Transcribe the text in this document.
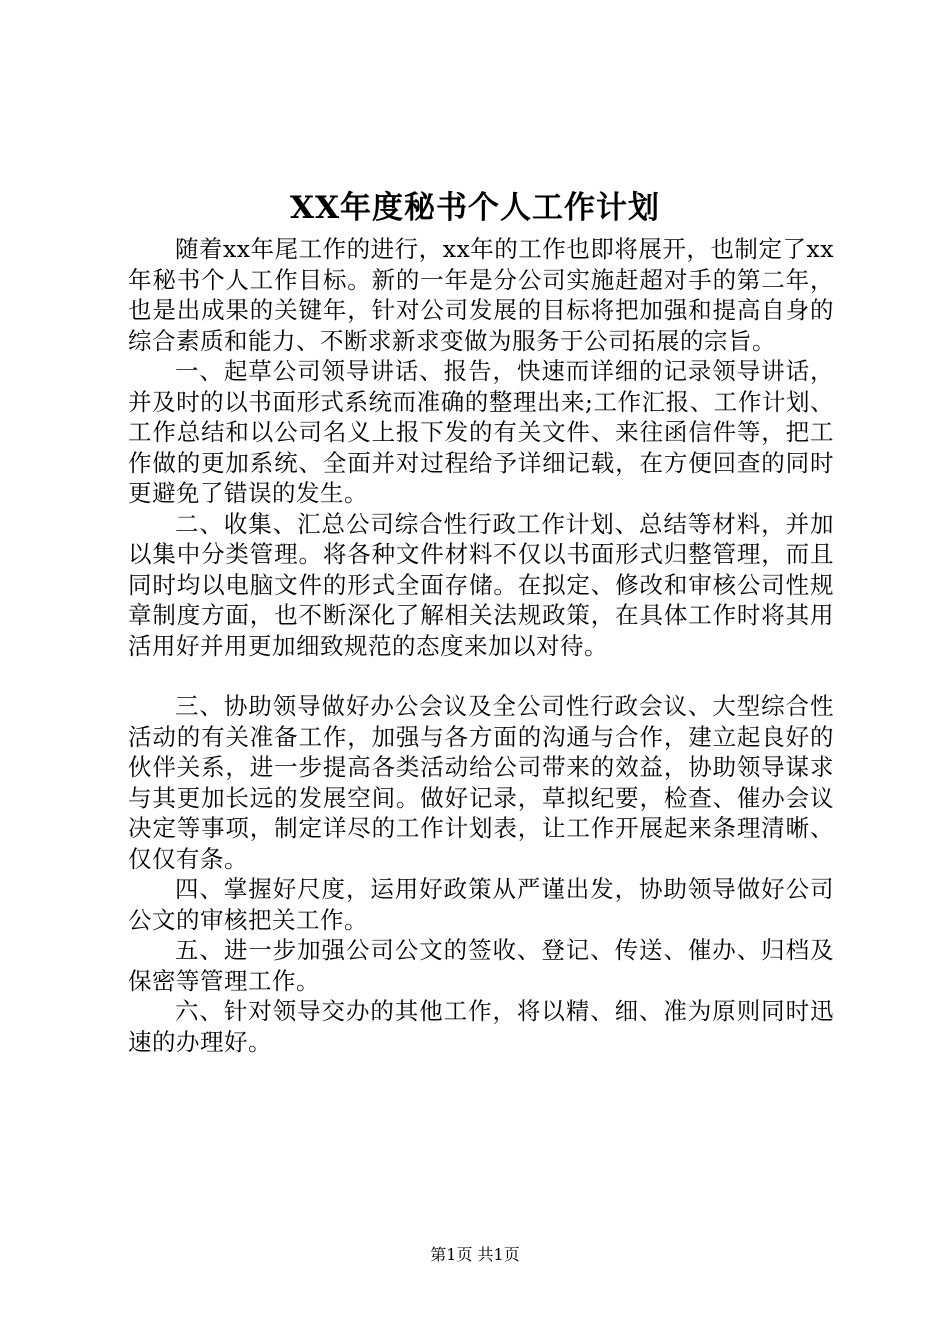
XX年度秘书个人工作计划

随着xx年尾工作的进行，xx年的工作也即将展开，也制定了xx年秘书个人工作目标。新的一年是分公司实施赶超对手的第二年，也是出成果的关键年，针对公司发展的目标将把加强和提高自身的综合素质和能力、不断求新求变做为服务于公司拓展的宗旨。

一、起草公司领导讲话、报告，快速而详细的记录领导讲话，并及时的以书面形式系统而准确的整理出来;工作汇报、工作计划、工作总结和以公司名义上报下发的有关文件、来往函信件等，把工作做的更加系统、全面并对过程给予详细记载，在方便回查的同时更避免了错误的发生。

二、收集、汇总公司综合性行政工作计划、总结等材料，并加以集中分类管理。将各种文件材料不仅以书面形式归整管理，而且同时均以电脑文件的形式全面存储。在拟定、修改和审核公司性规章制度方面，也不断深化了解相关法规政策，在具体工作时将其用活用好并用更加细致规范的态度来加以对待。

三、协助领导做好办公会议及全公司性行政会议、大型综合性活动的有关准备工作，加强与各方面的沟通与合作，建立起良好的伙伴关系，进一步提高各类活动给公司带来的效益，协助领导谋求与其更加长远的发展空间。做好记录，草拟纪要，检查、催办会议决定等事项，制定详尽的工作计划表，让工作开展起来条理清晰、仅仅有条。

四、掌握好尺度，运用好政策从严谨出发，协助领导做好公司公文的审核把关工作。

五、进一步加强公司公文的签收、登记、传送、催办、归档及保密等管理工作。

六、针对领导交办的其他工作，将以精、细、准为原则同时迅速的办理好。

第1页 共1页
